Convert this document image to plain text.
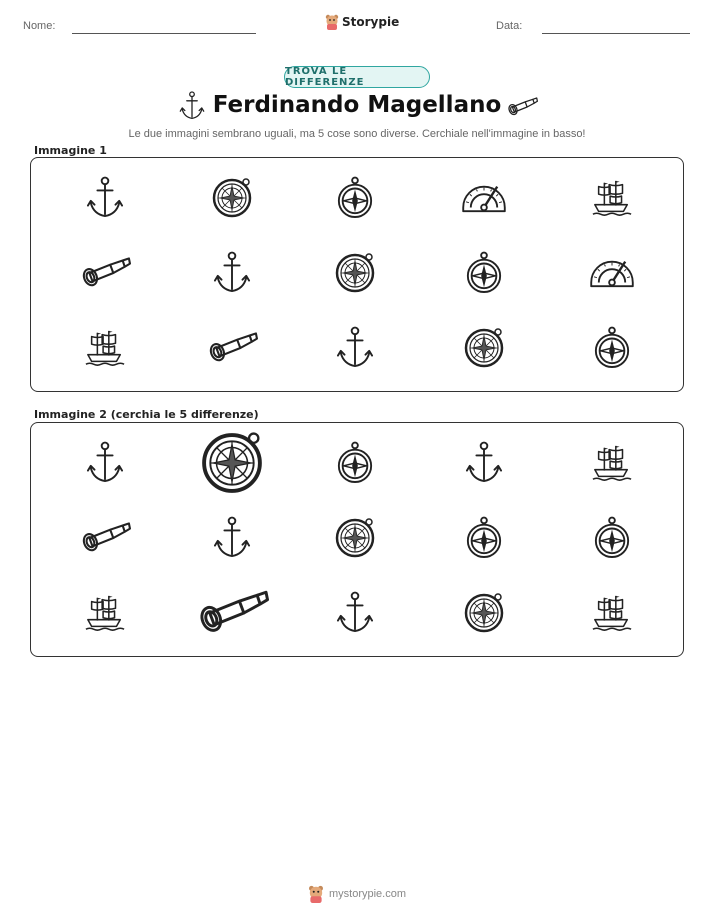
Nome:	Storypie	Data:
TROVA LE DIFFERENZE
Ferdinando Magellano
Le due immagini sembrano uguali, ma 5 cose sono diverse. Cerchiale nell'immagine in basso!
Immagine 1
Immagine 2 (cerchia le 5 differenze)
mystorypie.com
